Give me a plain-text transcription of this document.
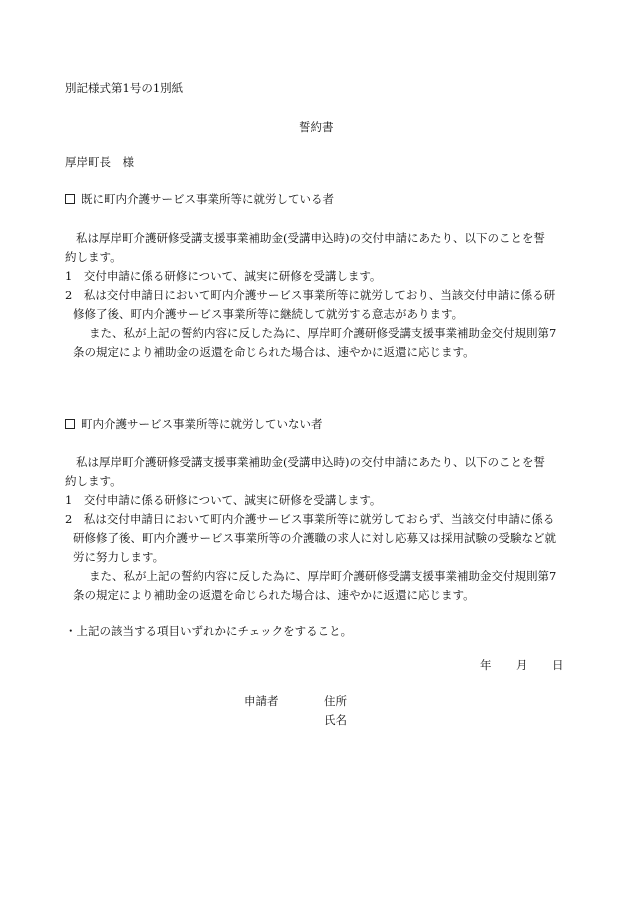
別記様式第1号の1別紙

誓約書

厚岸町長　様

既に町内介護サービス事業所等に就労している者

私は厚岸町介護研修受講支援事業補助金(受講申込時)の交付申請にあたり、以下のことを誓

約します。

1　交付申請に係る研修について、誠実に研修を受講します。

2　私は交付申請日において町内介護サービス事業所等に就労しており、当該交付申請に係る研

修修了後、町内介護サービス事業所等に継続して就労する意志があります。

また、私が上記の誓約内容に反した為に、厚岸町介護研修受講支援事業補助金交付規則第7

条の規定により補助金の返還を命じられた場合は、速やかに返還に応じます。

町内介護サービス事業所等に就労していない者

私は厚岸町介護研修受講支援事業補助金(受講申込時)の交付申請にあたり、以下のことを誓

約します。

1　交付申請に係る研修について、誠実に研修を受講します。

2　私は交付申請日において町内介護サービス事業所等に就労しておらず、当該交付申請に係る

研修修了後、町内介護サービス事業所等の介護職の求人に対し応募又は採用試験の受験など就

労に努力します。

また、私が上記の誓約内容に反した為に、厚岸町介護研修受講支援事業補助金交付規則第7

条の規定により補助金の返還を命じられた場合は、速やかに返還に応じます。

・上記の該当する項目いずれかにチェックをすること。

年 月 日

申請者	住所

氏名
